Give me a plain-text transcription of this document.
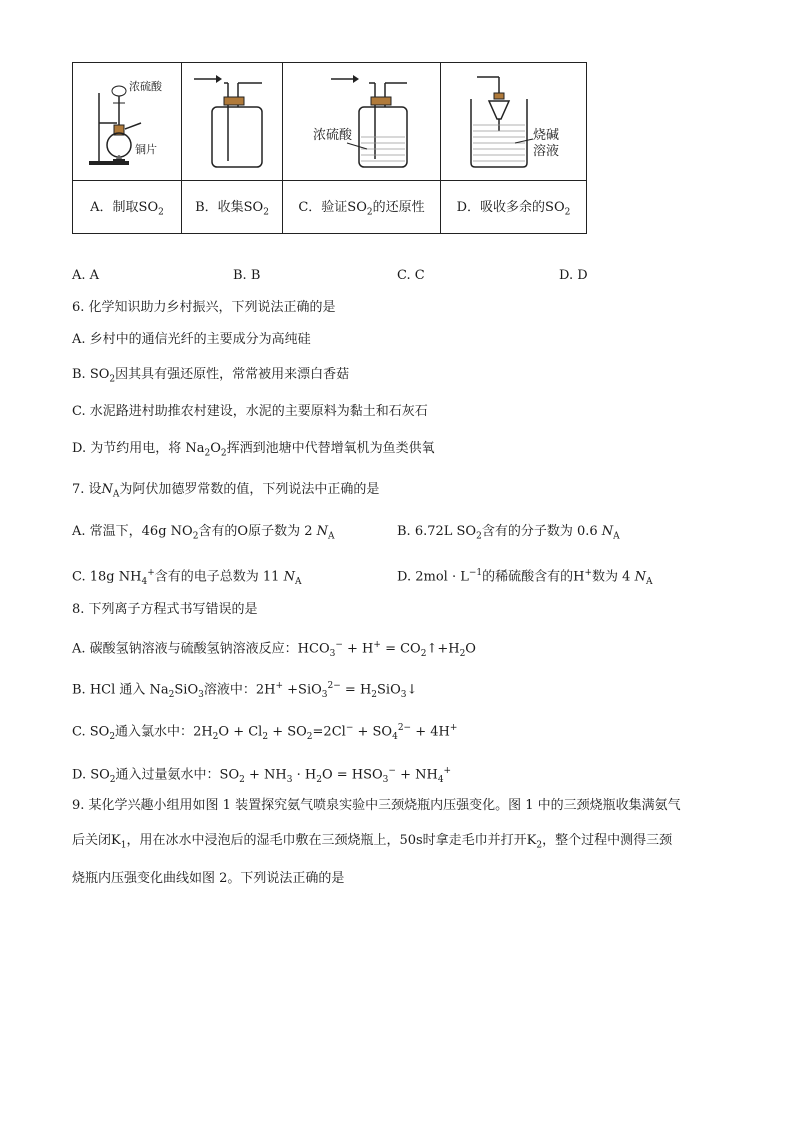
浓硫酸
铜片		浓硫酸	烧碱
溶液

A．制取$SO_2$	B．收集$SO_2$	C．验证$SO_2$的还原性	D．吸收多余的$SO_2$
A. A	B. B	C. C	D. D
6. 化学知识助力乡村振兴，下列说法正确的是
A. 乡村中的通信光纤的主要成分为高纯硅
B. $SO_2$因其具有强还原性，常常被用来漂白香菇
C. 水泥路进村助推农村建设，水泥的主要原料为黏土和石灰石
D. 为节约用电，将 $Na_2O_2$挥洒到池塘中代替增氧机为鱼类供氧
7. 设$N_A$为阿伏加德罗常数的值，下列说法中正确的是
A. 常温下，46g $NO_2$含有的O原子数为 2 $N_A$	B. 6.72L $SO_2$含有的分子数为 0.6 $N_A$
C. 18g $NH_4^+$含有的电子总数为 11 $N_A$	D. $2mol \cdot L^{-1}$的稀硫酸含有的H+数为 4 $N_A$
8. 下列离子方程式书写错误的是
A. 碳酸氢钠溶液与硫酸氢钠溶液反应：$HCO_3^- + H^+$ = $CO_2↑+H_2O$
B. HCl 通入 $Na_2SiO_3$溶液中：$2H^+ +SiO_3^{2-} = H_2SiO_3↓$
C. $SO_2$通入氯水中：$2H_2O + Cl_2 + SO_2=2Cl^- + SO_4^{2-} + 4H^+$
D. $SO_2$通入过量氨水中：$SO_2 + NH_3 \cdot H_2O = HSO_3^- + NH_4^+$
9. 某化学兴趣小组用如图 1 装置探究氨气喷泉实验中三颈烧瓶内压强变化。图 1 中的三颈烧瓶收集满氨气
后关闭$K_1$，用在冰水中浸泡后的湿毛巾敷在三颈烧瓶上，50s时拿走毛巾并打开$K_2$，整个过程中测得三颈
烧瓶内压强变化曲线如图 2。下列说法正确的是
